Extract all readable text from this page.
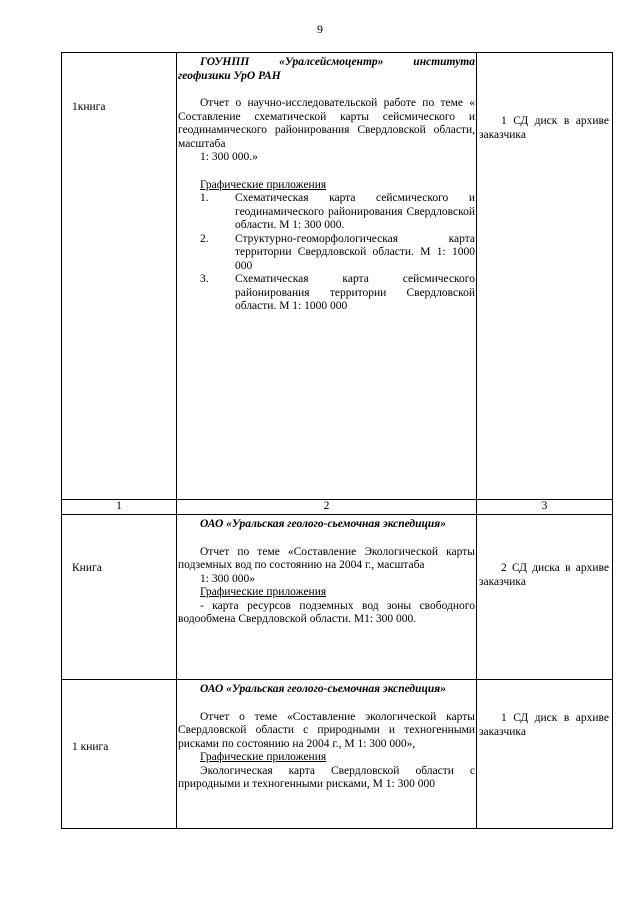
9
1книга
ГОУНПП «Уралсейсмоцентр» института геофизики УрО РАН
Отчет о научно-исследовательской работе по теме « Составление схематической карты сейсмического и геодинамического районирования Свердловской области, масштаба
1: 300 000.»
Графические приложения
1. Схематическая карта сейсмического и геодинамического районирования Свердловской области. М 1: 300 000.
2. Структурно-геоморфологическая карта территории Свердловской области. М 1: 1000 000
3. Схематическая карта сейсмического районирования территории Свердловской области. М 1: 1000 000
1 СД диск в архиве заказчика
1	2	3
Книга
ОАО «Уральская геолого-сьемочная экспедиция»
Отчет по теме «Составление Экологической карты подземных вод по состоянию на 2004 г., масштаба
1: 300 000»
Графические приложения
- карта ресурсов подземных вод зоны свободного водообмена Свердловской области. М1: 300 000.
2 СД диска в архиве заказчика
1 книга
ОАО «Уральская геолого-сьемочная экспедиция»
Отчет о теме «Составление экологической карты Свердловской области с природными и техногенными рисками по состоянию на 2004 г., М 1: 300 000»,
Графические приложения
Экологическая карта Свердловской области с природными и техногенными рисками, М 1: 300 000
1 СД диск в архиве заказчика
